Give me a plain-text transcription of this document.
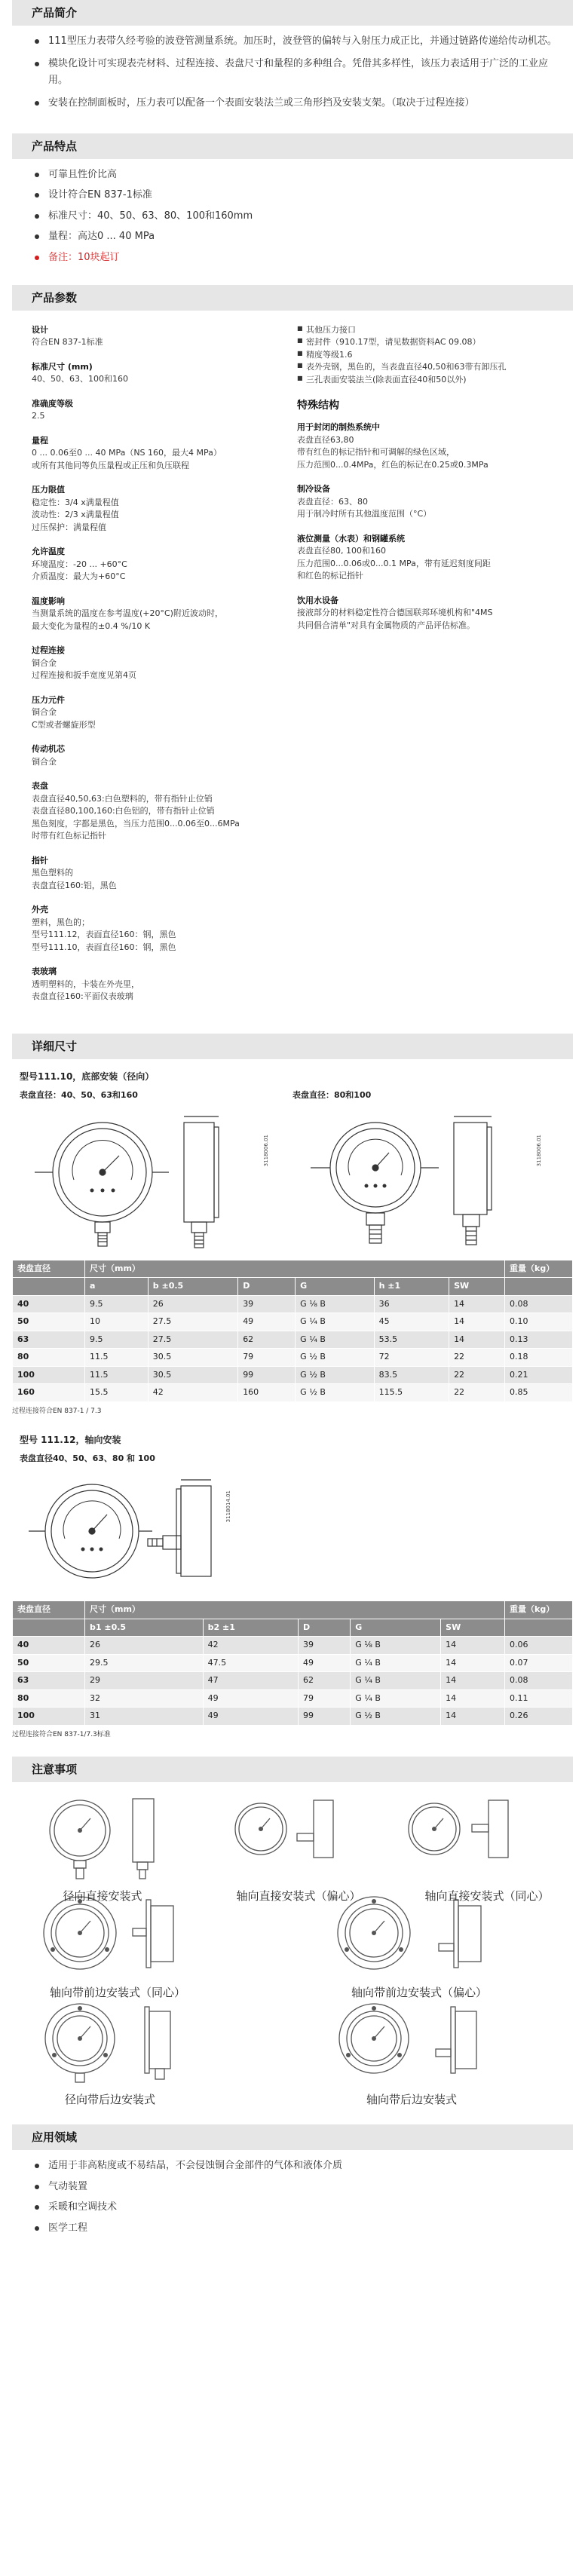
产品简介
111型压力表带久经考验的波登管测量系统。加压时，波登管的偏转与入射压力成正比，并通过链路传递给传动机芯。
模块化设计可实现表壳材料、过程连接、表盘尺寸和量程的多种组合。凭借其多样性，该压力表适用于广泛的工业应用。
安装在控制面板时，压力表可以配备一个表面安装法兰或三角形挡及安装支架。（取决于过程连接）
产品特点
可靠且性价比高
设计符合EN 837-1标准
标准尺寸：40、50、63、80、100和160mm
量程：高达0 ... 40 MPa
备注：10块起订
产品参数
设计
符合EN 837-1标准
标准尺寸 (mm)
40、50、63、100和160
准确度等级
2.5
量程
0 ... 0.06至0 ... 40 MPa（NS 160，最大4 MPa）
或所有其他同等负压量程或正压和负压联程
压力限值
稳定性：3/4 x满量程值
波动性：2/3 x满量程值
过压保护：满量程值
允许温度
环境温度：-20 ... +60°C
介质温度：最大为+60°C
温度影响
当测量系统的温度在参考温度(+20°C)附近波动时，
最大变化为量程的±0.4 %/10 K
过程连接
铜合金
过程连接和扳手宽度见第4页
压力元件
铜合金
C型或者螺旋形型
传动机芯
铜合金
表盘
表盘直径40,50,63:白色塑料的，带有指针止位销
表盘直径80,100,160:白色铝的，带有指针止位销
黑色刻度，字都是黑色，当压力范围0...0.06至0...6MPa
时带有红色标记指针
指针
黑色塑料的
表盘直径160:铝，黑色
外壳
塑料，黑色的；
型号111.12，表面直径160：钢，黑色
型号111.10，表面直径160：钢，黑色
表玻璃
透明塑料的，卡装在外壳里，
表盘直径160:平面仪表玻璃
■ 其他压力接口
■ 密封件（910.17型，请见数据资料AC 09.08）
■ 精度等级1.6
■ 表外壳钢，黑色的，当表盘直径40,50和63带有卸压孔
■ 三孔表面安装法兰(除表面直径40和50以外)
特殊结构
用于封闭的制热系统中
表盘直径63,80
带有红色的标记指针和可调解的绿色区域，
压力范围0...0.4MPa，红色的标记在0.25或0.3MPa
制冷设备
表盘直径：63、80
用于制冷时所有其他温度范围（°C）
液位测量（水表）和钢罐系统
表盘直径80, 100和160
压力范围0...0.06或0...0.1 MPa，带有延迟刻度间距
和红色的标记指针
饮用水设备
接液部分的材料稳定性符合德国联邦环境机构和"4MS
共同倡合清单"对具有金属物质的产品评估标准。
详细尺寸
型号111.10，底部安装（径向）
表盘直径：40、50、63和160
3118006.01
表盘直径：80和100
3118006.01
表盘直径	尺寸（mm）						重量（kg）
	a	b ±0.5	D	G	h ±1	SW	
40	9.5	26	39	G ⅛ B	36	14	0.08
50	10	27.5	49	G ¼ B	45	14	0.10
63	9.5	27.5	62	G ¼ B	53.5	14	0.13
80	11.5	30.5	79	G ½ B	72	22	0.18
100	11.5	30.5	99	G ½ B	83.5	22	0.21
160	15.5	42	160	G ½ B	115.5	22	0.85
过程连接符合EN 837-1 / 7.3
型号 111.12，轴向安装
表盘直径40、50、63、80 和 100
3118014.01
表盘直径	尺寸（mm）					重量（kg）
	b1 ±0.5	b2 ±1	D	G	SW	
40	26	42	39	G ⅛ B	14	0.06
50	29.5	47.5	49	G ¼ B	14	0.07
63	29	47	62	G ¼ B	14	0.08
80	32	49	79	G ¼ B	14	0.11
100	31	49	99	G ½ B	14	0.26
过程连接符合EN 837-1/7.3标准
注意事项
径向直接安装式	轴向直接安装式（偏心）	轴向直接安装式（同心）
轴向带前边安装式（同心）	轴向带前边安装式（偏心）
径向带后边安装式	轴向带后边安装式
应用领域
适用于非高粘度或不易结晶，不会侵蚀铜合金部件的气体和液体介质
气动装置
采暖和空调技术
医学工程
